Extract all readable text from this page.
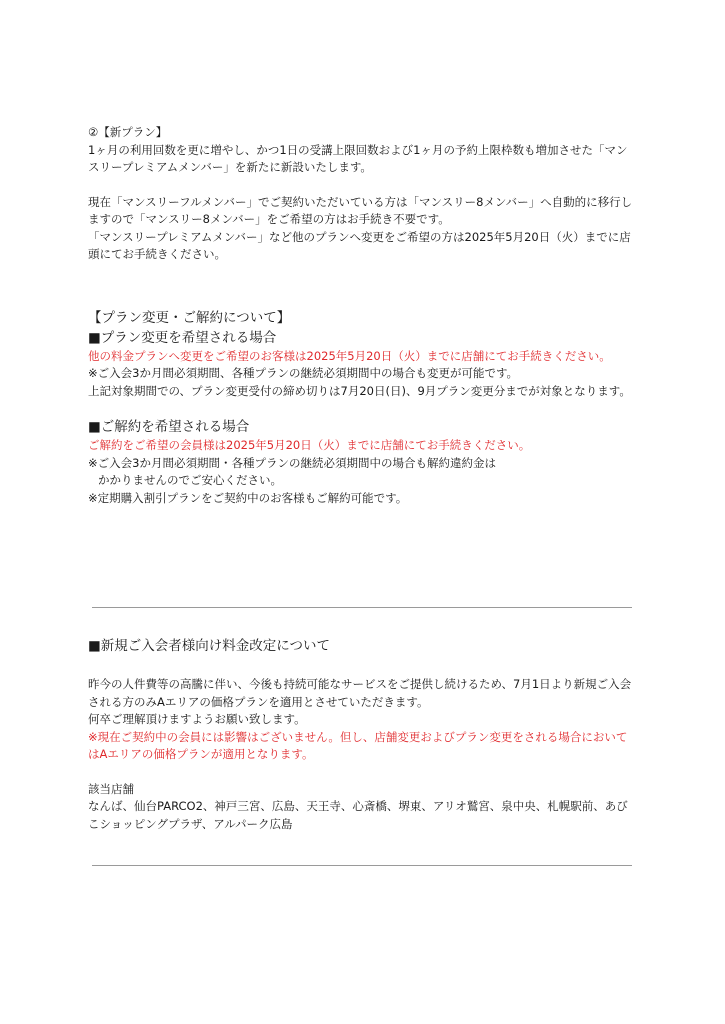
②【新プラン】

1ヶ月の利用回数を更に増やし、かつ1日の受講上限回数および1ヶ月の予約上限枠数も増加させた「マンスリープレミアムメンバー」を新たに新設いたします。

現在「マンスリーフルメンバー」でご契約いただいている方は「マンスリー8メンバー」へ自動的に移行しますので「マンスリー8メンバー」をご希望の方はお手続き不要です。

「マンスリープレミアムメンバー」など他のプランへ変更をご希望の方は2025年5月20日（火）までに店頭にてお手続きください。

【プラン変更・ご解約について】

■プラン変更を希望される場合

他の料金プランへ変更をご希望のお客様は2025年5月20日（火）までに店舗にてお手続きください。

※ご入会3か月間必須期間、各種プランの継続必須期間中の場合も変更が可能です。

上記対象期間での、プラン変更受付の締め切りは7月20日(日)、9月プラン変更分までが対象となります。

■ご解約を希望される場合

ご解約をご希望の会員様は2025年5月20日（火）までに店舗にてお手続きください。

※ご入会3か月間必須期間・各種プランの継続必須期間中の場合も解約違約金は

かかりませんのでご安心ください。

※定期購入割引プランをご契約中のお客様もご解約可能です。

■新規ご入会者様向け料金改定について

昨今の人件費等の高騰に伴い、今後も持続可能なサービスをご提供し続けるため、7月1日より新規ご入会される方のみAエリアの価格プランを適用とさせていただきます。

何卒ご理解頂けますようお願い致します。

※現在ご契約中の会員には影響はございません。但し、店舗変更およびプラン変更をされる場合においてはAエリアの価格プランが適用となります。

該当店舗

なんば、仙台PARCO2、神戸三宮、広島、天王寺、心斎橋、堺東、アリオ鷲宮、泉中央、札幌駅前、あびこショッピングプラザ、アルパーク広島
